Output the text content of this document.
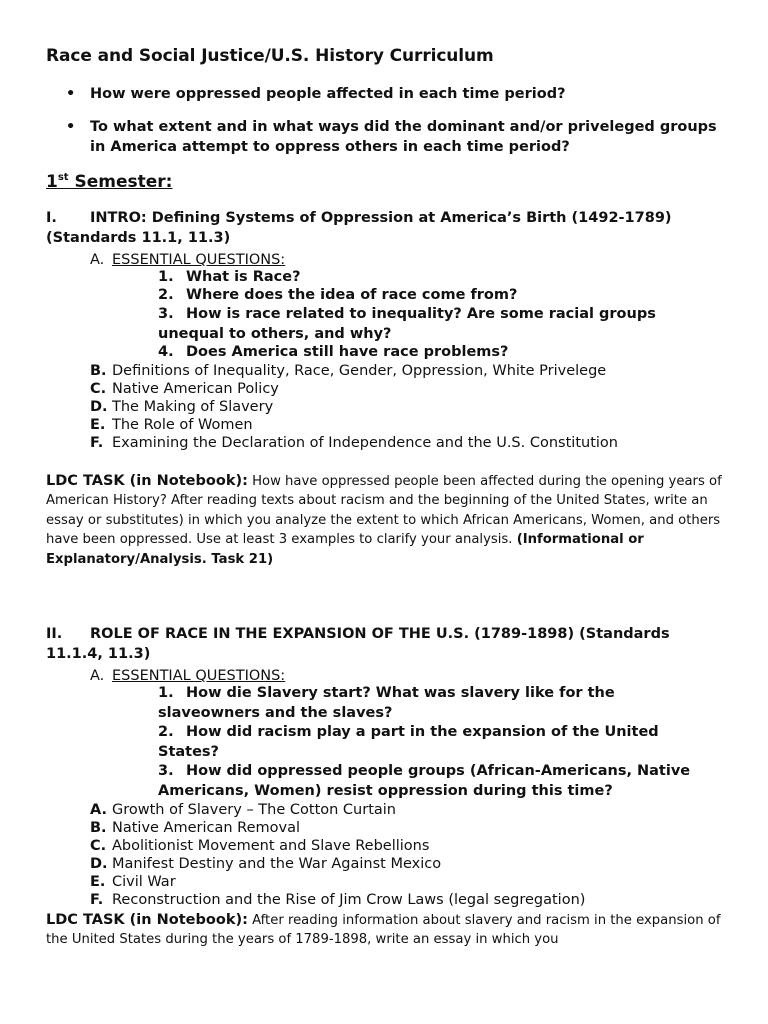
Race and Social Justice/U.S. History Curriculum
• How were oppressed people affected in each time period?
• To what extent and in what ways did the dominant and/or priveleged groups in America attempt to oppress others in each time period?
1st Semester:
I. INTRO: Defining Systems of Oppression at America’s Birth (1492-1789) (Standards 11.1, 11.3)
A. ESSENTIAL QUESTIONS:
1. What is Race?
2. Where does the idea of race come from?
3. How is race related to inequality? Are some racial groups unequal to others, and why?
4. Does America still have race problems?
B. Definitions of Inequality, Race, Gender, Oppression, White Privelege
C. Native American Policy
D. The Making of Slavery
E. The Role of Women
F. Examining the Declaration of Independence and the U.S. Constitution
LDC TASK (in Notebook): How have oppressed people been affected during the opening years of American History? After reading texts about racism and the beginning of the United States, write an essay or substitutes) in which you analyze the extent to which African Americans, Women, and others have been oppressed. Use at least 3 examples to clarify your analysis. (Informational or Explanatory/Analysis. Task 21)
II. ROLE OF RACE IN THE EXPANSION OF THE U.S. (1789-1898) (Standards 11.1.4, 11.3)
A. ESSENTIAL QUESTIONS:
1. How die Slavery start? What was slavery like for the slaveowners and the slaves?
2. How did racism play a part in the expansion of the United States?
3. How did oppressed people groups (African-Americans, Native Americans, Women) resist oppression during this time?
A. Growth of Slavery – The Cotton Curtain
B. Native American Removal
C. Abolitionist Movement and Slave Rebellions
D. Manifest Destiny and the War Against Mexico
E. Civil War
F. Reconstruction and the Rise of Jim Crow Laws (legal segregation)
LDC TASK (in Notebook): After reading information about slavery and racism in the expansion of the United States during the years of 1789-1898, write an essay in which you
